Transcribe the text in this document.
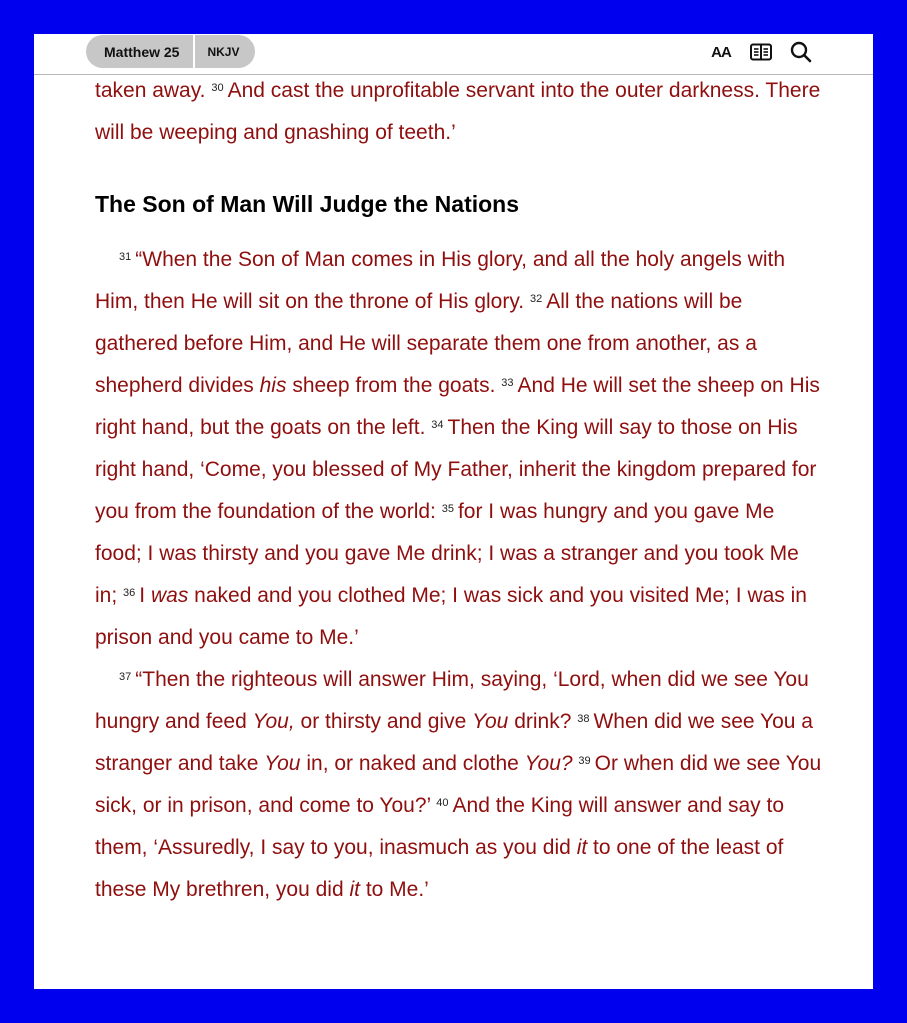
Matthew 25	NKJV	AA

taken away. $^{30}$ And cast the unprofitable servant into the outer darkness. There will be weeping and gnashing of teeth.’

The Son of Man Will Judge the Nations

$^{31}$ “When the Son of Man comes in His glory, and all the holy angels with Him, then He will sit on the throne of His glory. $^{32}$ All the nations will be gathered before Him, and He will separate them one from another, as a shepherd divides his sheep from the goats. $^{33}$ And He will set the sheep on His right hand, but the goats on the left. $^{34}$ Then the King will say to those on His right hand, ‘Come, you blessed of My Father, inherit the kingdom prepared for you from the foundation of the world: $^{35}$ for I was hungry and you gave Me food; I was thirsty and you gave Me drink; I was a stranger and you took Me in; $^{36}$ I was naked and you clothed Me; I was sick and you visited Me; I was in prison and you came to Me.’

$^{37}$ “Then the righteous will answer Him, saying, ‘Lord, when did we see You hungry and feed You, or thirsty and give You drink? $^{38}$ When did we see You a stranger and take You in, or naked and clothe You? $^{39}$ Or when did we see You sick, or in prison, and come to You?’ $^{40}$ And the King will answer and say to them, ‘Assuredly, I say to you, inasmuch as you did it to one of the least of these My brethren, you did it to Me.’
